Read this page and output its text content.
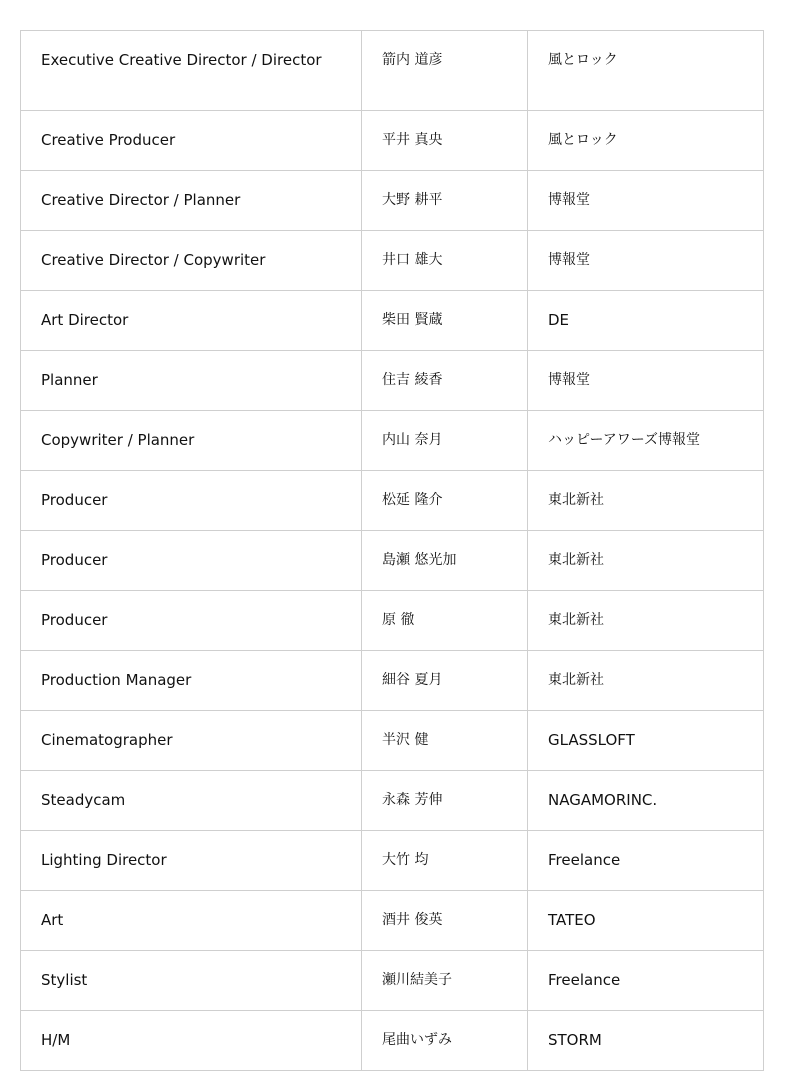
Executive Creative Director / Director	箭内 道彦	風とロック
Creative Producer	平井 真央	風とロック
Creative Director / Planner	大野 耕平	博報堂
Creative Director / Copywriter	井口 雄大	博報堂
Art Director	柴田 賢蔵	DE
Planner	住吉 綾香	博報堂
Copywriter / Planner	内山 奈月	ハッピーアワーズ博報堂
Producer	松延 隆介	東北新社
Producer	島瀬 悠光加	東北新社
Producer	原 徹	東北新社
Production Manager	細谷 夏月	東北新社
Cinematographer	半沢 健	GLASSLOFT
Steadycam	永森 芳伸	NAGAMORINC.
Lighting Director	大竹 均	Freelance
Art	酒井 俊英	TATEO
Stylist	瀬川結美子	Freelance
H/M	尾曲いずみ	STORM
